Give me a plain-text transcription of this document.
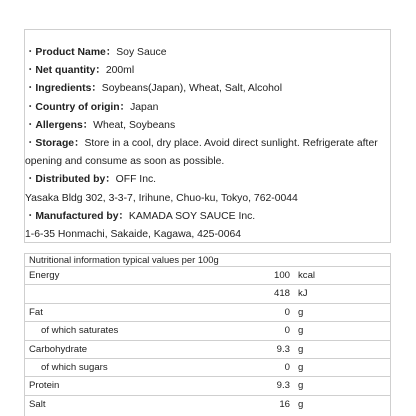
・Product Name：Soy Sauce
・Net quantity：200ml
・Ingredients：Soybeans(Japan), Wheat, Salt, Alcohol
・Country of origin：Japan
・Allergens：Wheat, Soybeans
・Storage：Store in a cool, dry place. Avoid direct sunlight. Refrigerate after opening and consume as soon as possible.
・Distributed by：OFF Inc.
Yasaka Bldg 302, 3-3-7, Irihune, Chuo-ku, Tokyo, 762-0044
・Manufactured by：KAMADA SOY SAUCE Inc.
1-6-35 Honmachi, Sakaide, Kagawa, 425-0064
Nutritional information typical values per 100g
Energy	100 kcal
418 kJ
Fat	0 g
of which saturates	0 g
Carbohydrate	9.3 g
of which sugars	0 g
Protein	9.3 g
Salt	16 g
